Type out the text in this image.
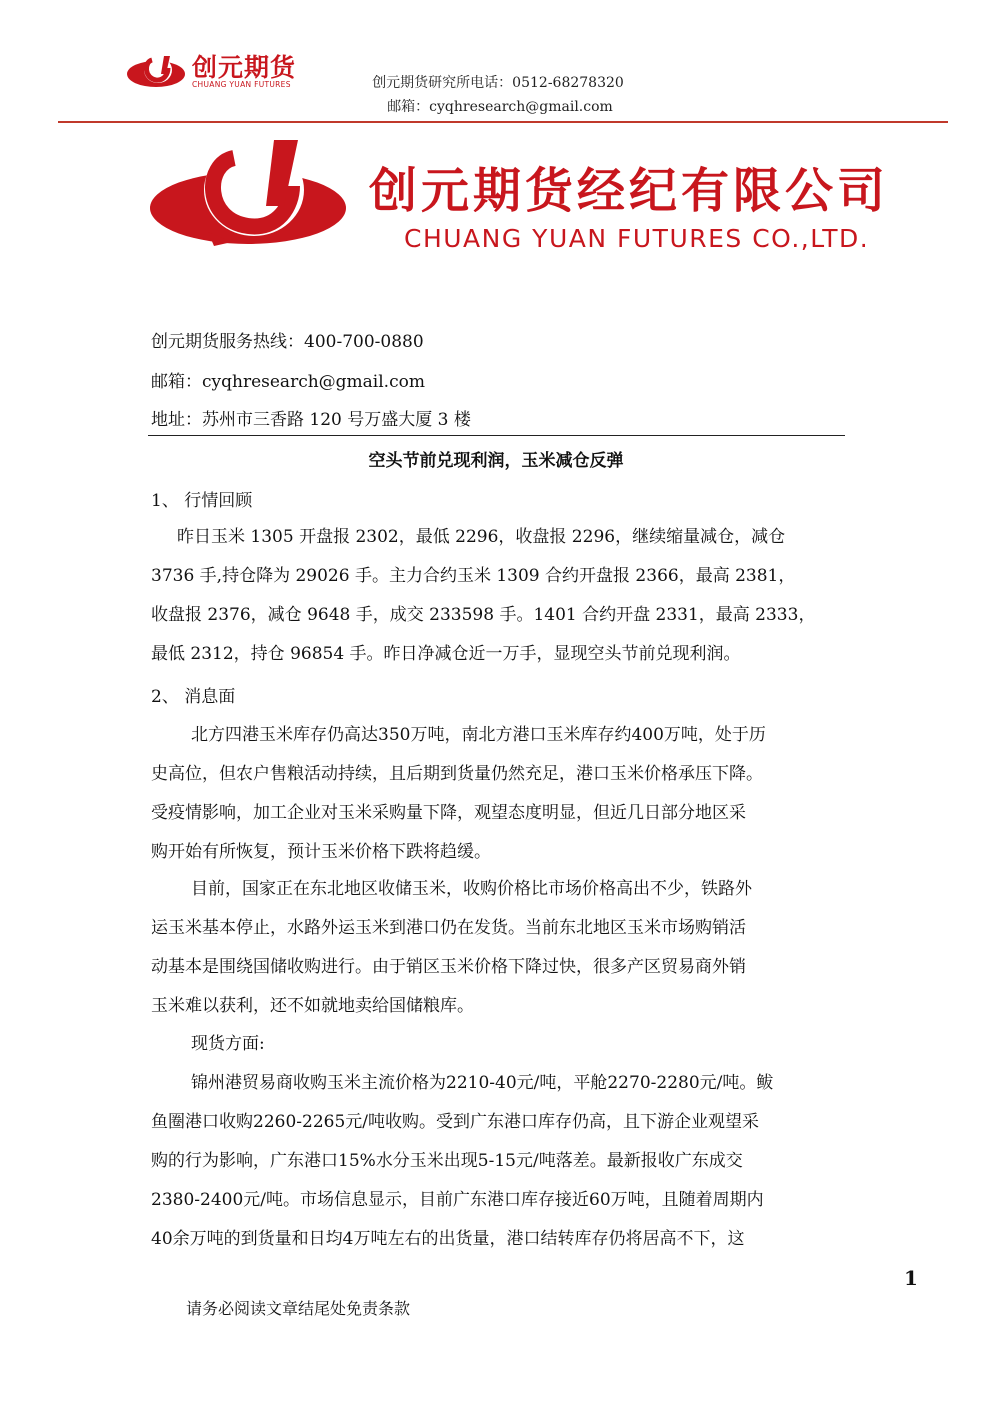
创元期货
CHUANG YUAN FUTURES	创元期货研究所电话：0512-68278320
邮箱：cyqhresearch@gmail.com
创元期货经纪有限公司
CHUANG YUAN FUTURES CO.,LTD.
创元期货服务热线：400-700-0880
邮箱：cyqhresearch@gmail.com
地址：苏州市三香路 120 号万盛大厦 3 楼
空头节前兑现利润，玉米减仓反弹
1、 行情回顾
昨日玉米 1305 开盘报 2302，最低 2296，收盘报 2296，继续缩量减仓，减仓
3736 手,持仓降为 29026 手。主力合约玉米 1309 合约开盘报 2366，最高 2381，
收盘报 2376，减仓 9648 手，成交 233598 手。1401 合约开盘 2331，最高 2333，
最低 2312，持仓 96854 手。昨日净减仓近一万手，显现空头节前兑现利润。
2、 消息面
北方四港玉米库存仍高达350万吨，南北方港口玉米库存约400万吨，处于历
史高位，但农户售粮活动持续，且后期到货量仍然充足，港口玉米价格承压下降。
受疫情影响，加工企业对玉米采购量下降，观望态度明显，但近几日部分地区采
购开始有所恢复，预计玉米价格下跌将趋缓。
目前，国家正在东北地区收储玉米，收购价格比市场价格高出不少，铁路外
运玉米基本停止，水路外运玉米到港口仍在发货。当前东北地区玉米市场购销活
动基本是围绕国储收购进行。由于销区玉米价格下降过快，很多产区贸易商外销
玉米难以获利，还不如就地卖给国储粮库。
现货方面:
锦州港贸易商收购玉米主流价格为2210-40元/吨，平舱2270-2280元/吨。鲅
鱼圈港口收购2260-2265元/吨收购。受到广东港口库存仍高，且下游企业观望采
购的行为影响，广东港口15%水分玉米出现5-15元/吨落差。最新报收广东成交
2380-2400元/吨。市场信息显示，目前广东港口库存接近60万吨，且随着周期内
40余万吨的到货量和日均4万吨左右的出货量，港口结转库存仍将居高不下，这
1
请务必阅读文章结尾处免责条款
